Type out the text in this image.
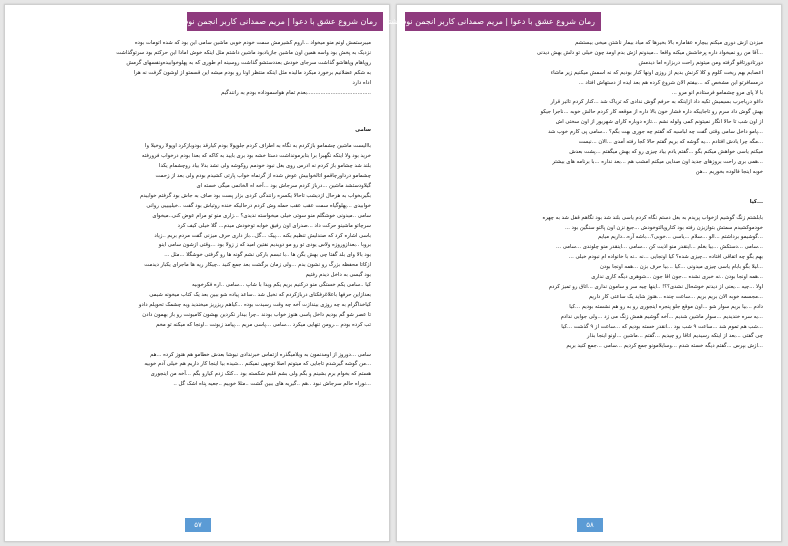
رمان شروع عشق با دعوا | مریم صمدانی کاربر انجمن نودهشتیا

میبرستمش اونم منو میخواد ...اروم کشیرمش سمت خودم خوبی ماشین سامی این بود که شده اتومات بوده

نزدیک به پخش بود واسه همین اون ماشین جازیادبود ماشین داشتم مثل اینکه خوش امادا این حرکتم بود سرتوگذاشت

روپاهام وپاهاشو گذاشت سرجای خودش بعددستشو گذاشت روسینه ام طوری که به پهلوخوابیده‌ونفسهای گرمش

به شکم عضلانیم برخورد میکرد مالیده مثل اینکه منتظر اونا رو بودم میشه این قسمتو از اوشون گرفت نه هرا

اداه دارد

......................................بعدم تمام هواسموداده بودم به رانندگیم

سامی

باالیست ماشین چشمامو بازکردم به نگاه به اطراف کردم جلوپولا بودم کیارقد بودوبازکرد اوپولا روخیلا وا

خرید بود ولا اینکه نگهبرا برا بنابرمونداشت دستا خشه بود بری بایید به کاکه که بعدا بودم درخواب فرورفته

بلند شد چشامو باز کردم نه ادرس روی بغل نبود خودمم روکوشه ولی نشد بدلا بیاد روچشمام یکدا

چشمامو درداورچاقمو اتالخوابیش عوض شده از گرنماه خواب پارتی کشیدم بودم ولی بعد از زحمت

گیلاودستشد ماشین ...درباز کردم سرجاش بود ...آخه اه الخانمی میگی خسته ای

بگیربخواب به هرحال ازدیشب تاحالا یکسره رانندگی کردی بزار پست بود صاف به جاش بود گرفتم خوابیدم

خوابیدی ...پهلوگیاه سمت عقب عقب حمله وش کردم درحالیکه خنده روتیاش بود گفت ..خیلییییی روانی

سامی ..میدونی خوشگلم منو سوتی خیلی میخواسته ندیدی؟ ...زاری منو تو مرام عوض کنی..میخوای

سرچاتو ماشینو حرکت داد ...صدرای اون رفیق خوابه توخودش میدم... گلا خیلی کیف کرد

باسی اشاره کرد که صندلیش تنظیم بکنه ...پیک ...گل...باز داری حرف میزنی گفت مردم بریم ..زیاد

بروبا ..بعدازوروزه ولاس یودی تو رو مو دویدیم نفتین امید که ز زولا بود ...وقتی ازشون سامی اینو

بود بالا وای بلد گفتا چی بهش بگن ها ..با تبسم بارکی نشم گونه ها رو گرفتی خوشگلا ...مثل ...

ازکاتا محفظه بزرگ رو نشون بدم ...ولی زمان برگشت بعد جمع کنید ..چیکار ریه ها ماجرای یکبار دیدمت

بود گیسی به داخل دیدم رفتیم

کیا ..سامی یکم خستگی منو درکنیم بریم یکم ویدا با شاپ ...سامی ..اره فکرخوبیه

بعدازاین حرفها باعلاغرفکنای دربازکردم که نخیل شد ..ساعد پیاده شو ببین بعد یک کتاب میخونه شیمی

کیاخداگرام به چه روزی بیندازت آخه چه وقت رسیدت بوده ...کیاهم ریزریز میخندید ویه چشمک تحویلم دادو

تا عصر شو گم بودیم داخل پاسی هنوز خواب بودند ..چرا بیدار نکردین بهشون کامیونت رو باز بهمون دادن

تب کرده بودم ...رومن تنهایی میکرد ...سامی ...پاسی مریم ...پیامد زبونت ..اونجا که میکنه تو مخم

سامی ...دوروز از اومدنمون به ویلامیگذره ازتماس خبرندادی نیوشا بعدش خطامو هم هنوز کرده ...هم

...من گوشه گیرشدم تاجایی که میتونم اصلا توجهی نمیکنم ...شیده بیا اینجا کار داریم هم خیلی آدم خوبیه

هستم که بخوام برم بشینم و بگم ولی بشم قلبم شکسته بود ...کتک زدم کیارو بگم ...آخه من اینجوری

...نوراه حالم سرجاش نبود ..هم ..گیریه های ببین گشت ..مثلا خوبیم ..جعیه پناه اشک گل ..

۵۷
رمان شروع عشق با دعوا | مریم صمدانی کاربر انجمن نودهشتیا

میزدن ازش دوری میکنم بیچاره عقاماره بالا بخیرها که میاد بیمار ناشتن میخی بیستشم

...آقا من رو نمیخواد داره پرخاشش میکنه واقعا ...میدونم ازش بدم اومد چون خیلی تو دلش بهش دیدنی

دورتادورتاقو گرفته ومن میتونم راحت دربزاره اما دیدمش

اعصابم بهم ریخت کلوم و کلا کرنش بدیم از روزی اونها کنار بودیم که نه اسمش میکنیم زیر ماشاء

درمسافرتو این مشخص که ...بیفتم الان شروع کرده هم بعد ایده از دستهاش افتاد ...

با لا پای مرو چشمامو فرستادم انو مرو ...

داغو دریاجرب بسیمیش تکیه داد ازاینکه به حرفم گوش ندادی که تریاک شد ...کنار کردم تاثیر قرار

بهش گوش داد سرم رو تاجاییکه داره فشار خون بالا داره از موقعه کار کردم حالش خوبه ...ناجرا جیکو

از اون شب تا حالا انگار نمیتونم کمی ولوله نشم ...تازه دوباره کارای شهریور از اون سختی اش

...پامو داخل سامی وقتی گفت چه لباسیه که گفتم چه جوری بهت بگم؟ ...سامی پی کارم خوب شد

...مگه چرا یادش افتادم ...یه گوشه که بریم گفتم حالا کجا رفته آمدی ...الان ...نیست

میکنم یاسی خواهش میکنم بگو ...گفتم یادم بیاد چیزی رو که بهش میگفتم ...پشت بعدش

...همی بری راحت بروزهای جدید اون صدایی میکنم امشب هم ...بعد نداره ...با برنامه های بیشتر

خوبه اینجا فالوده بخوریم ...هن

...کیا

بابلشتم زنگ گوشیم ازخواب پریدم به بغل دستم نگاه کردم یاسی بلند شد بود نگاهم قفل شد به چهره

خودموکشیدم سمتش بتوازیزن رفته بود کتاروپالتوخودش ...جیغ نزن اون پالتو سنگین بود ...

...گوشیمو برداشتم ...الو ...سلام ...یاسی ...خوبی؟...باشه آره...داریم میایم

...سامی ...دستکش ...بیا بغلم ...اینقدر منو اذیت کن ...سامی ...اینقدر منو چلوندی ...سامی ...

بهم بگو چه اتفاقی افتاده ...چیزی شده؟ کیا اونجایی ...نه ..نه با خانواده ام نبودم خیلی ...

...لیلا بگو بابام یاسی چیزی میدونی ...کیا ...بیا حرف بزن ...همه اونجا بودن

...همه اونجا بودن ..نه خبری نشده ...جون اقا جون ...شوهری دیگه کاری نداری

اولا ...چیه ...یعنی از دیدنم خوشحال نشدی؟؟! ..اینها چیه سر و سامون نداری ...اتاق رو تمیز کردم

...مجسمه خوبه الان بریم بریم ...ساعت چنده ...هنوز شاید یک ساعتی کار داریم

دادم ...بیا بریم سوار شو ...اون موقع جلو پنجره اینجوری رو به رو هم نشسته بودیم ...کیا

...یه سره خندیدیم ...سوار ماشین شدیم ...آخه گوشیم همش زنگ می زد ...ولی جوابی ندادم

...شب هم تموم شد ...ساعت ۹ شب بود ...انقدر خسته بودیم که ...ساعت از ۹ گذشت ...کیا

چی گفتی ...بعد از اینکه رسیدیم اتاقا رو چیدیم ...گفتم ...ماشین ...اونو اینجا بذار

...ازش بپرس ...گفتم دیگه خسته شدم ...وسایلامونو جمع کردیم ...سامی ...جمع کنید بریم

۵۸
